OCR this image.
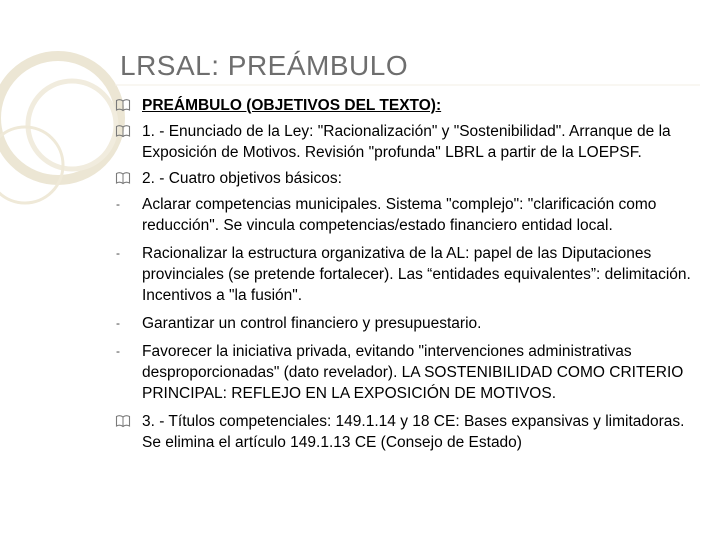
LRSAL: PREÁMBULO
PREÁMBULO (OBJETIVOS DEL TEXTO):
1. - Enunciado de la Ley: "Racionalización" y "Sostenibilidad". Arranque de la Exposición de Motivos. Revisión "profunda" LBRL a partir de la LOEPSF.
2. - Cuatro objetivos básicos:
- Aclarar competencias municipales. Sistema "complejo": "clarificación como reducción". Se vincula competencias/estado financiero entidad local.
- Racionalizar la estructura organizativa de la AL: papel de las Diputaciones provinciales (se pretende fortalecer). Las “entidades equivalentes”: delimitación. Incentivos a "la fusión".
- Garantizar un control financiero y presupuestario.
- Favorecer la iniciativa privada, evitando "intervenciones administrativas desproporcionadas" (dato revelador). LA SOSTENIBILIDAD COMO CRITERIO PRINCIPAL: REFLEJO EN LA EXPOSICIÓN DE MOTIVOS.
3. - Títulos competenciales: 149.1.14 y 18 CE: Bases expansivas y limitadoras. Se elimina el artículo 149.1.13 CE (Consejo de Estado)
